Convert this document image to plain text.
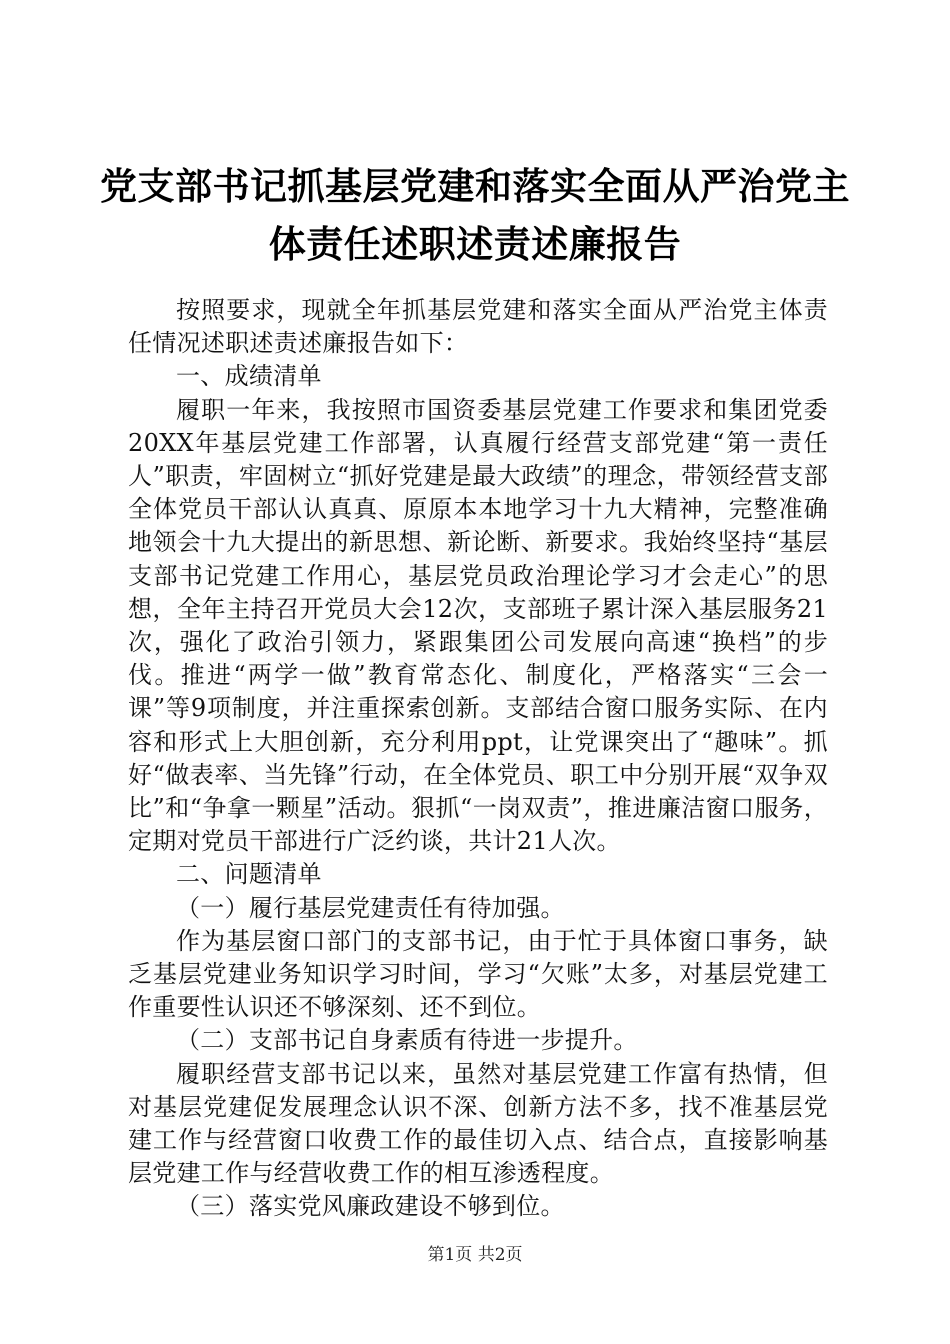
党支部书记抓基层党建和落实全面从严治党主
体责任述职述责述廉报告

按照要求，现就全年抓基层党建和落实全面从严治党主体责任情况述职述责述廉报告如下：

一、成绩清单

履职一年来，我按照市国资委基层党建工作要求和集团党委20XX年基层党建工作部署，认真履行经营支部党建“第一责任人”职责，牢固树立“抓好党建是最大政绩”的理念，带领经营支部全体党员干部认认真真、原原本本地学习十九大精神，完整准确地领会十九大提出的新思想、新论断、新要求。我始终坚持“基层支部书记党建工作用心，基层党员政治理论学习才会走心”的思想，全年主持召开党员大会12次，支部班子累计深入基层服务21次，强化了政治引领力，紧跟集团公司发展向高速“换档”的步伐。推进“两学一做”教育常态化、制度化，严格落实“三会一课”等9项制度，并注重探索创新。支部结合窗口服务实际、在内容和形式上大胆创新，充分利用ppt，让党课突出了“趣味”。抓好“做表率、当先锋”行动，在全体党员、职工中分别开展“双争双比”和“争拿一颗星”活动。狠抓“一岗双责”，推进廉洁窗口服务，定期对党员干部进行广泛约谈，共计21人次。

二、问题清单

（一）履行基层党建责任有待加强。

作为基层窗口部门的支部书记，由于忙于具体窗口事务，缺乏基层党建业务知识学习时间，学习“欠账”太多，对基层党建工作重要性认识还不够深刻、还不到位。

（二）支部书记自身素质有待进一步提升。

履职经营支部书记以来，虽然对基层党建工作富有热情，但对基层党建促发展理念认识不深、创新方法不多，找不准基层党建工作与经营窗口收费工作的最佳切入点、结合点，直接影响基层党建工作与经营收费工作的相互渗透程度。

（三）落实党风廉政建设不够到位。

第1页 共2页
